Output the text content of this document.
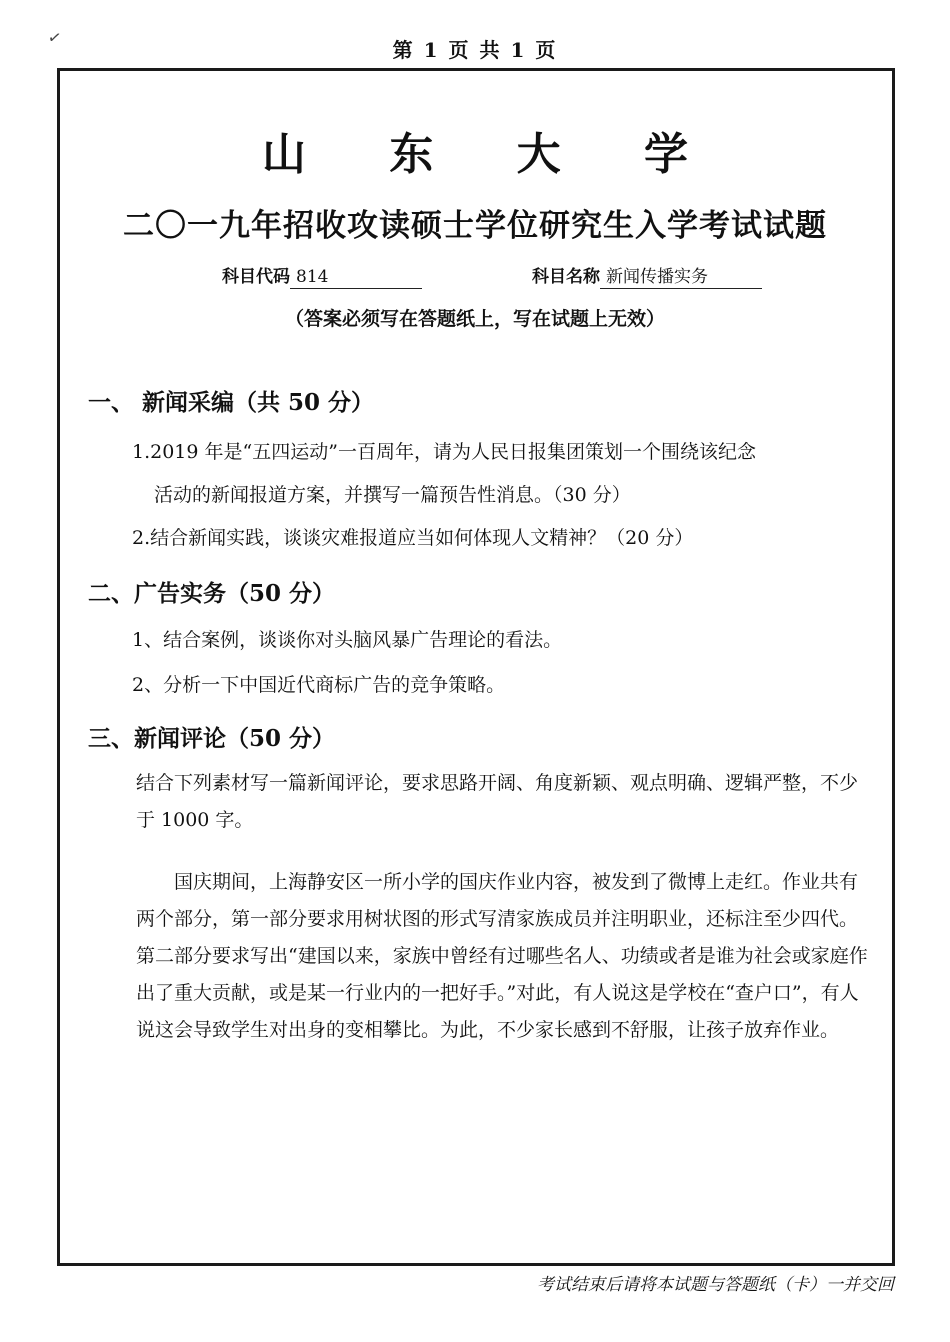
✓
第 1 页 共 1 页
山 东 大 学
二〇一九年招收攻读硕士学位研究生入学考试试题
科目代码 814	科目名称 新闻传播实务
（答案必须写在答题纸上，写在试题上无效）
一、 新闻采编（共 50 分）
1.2019 年是“五四运动”一百周年，请为人民日报集团策划一个围绕该纪念
活动的新闻报道方案，并撰写一篇预告性消息。（30 分）
2.结合新闻实践，谈谈灾难报道应当如何体现人文精神？（20 分）
二、广告实务（50 分）
1、结合案例，谈谈你对头脑风暴广告理论的看法。
2、分析一下中国近代商标广告的竞争策略。
三、新闻评论（50 分）
结合下列素材写一篇新闻评论，要求思路开阔、角度新颖、观点明确、逻辑严整，不少于 1000 字。
国庆期间，上海静安区一所小学的国庆作业内容，被发到了微博上走红。作业共有两个部分，第一部分要求用树状图的形式写清家族成员并注明职业，还标注至少四代。第二部分要求写出“建国以来，家族中曾经有过哪些名人、功绩或者是谁为社会或家庭作出了重大贡献，或是某一行业内的一把好手。”对此，有人说这是学校在“查户口”，有人说这会导致学生对出身的变相攀比。为此，不少家长感到不舒服，让孩子放弃作业。
考试结束后请将本试题与答题纸（卡）一并交回
